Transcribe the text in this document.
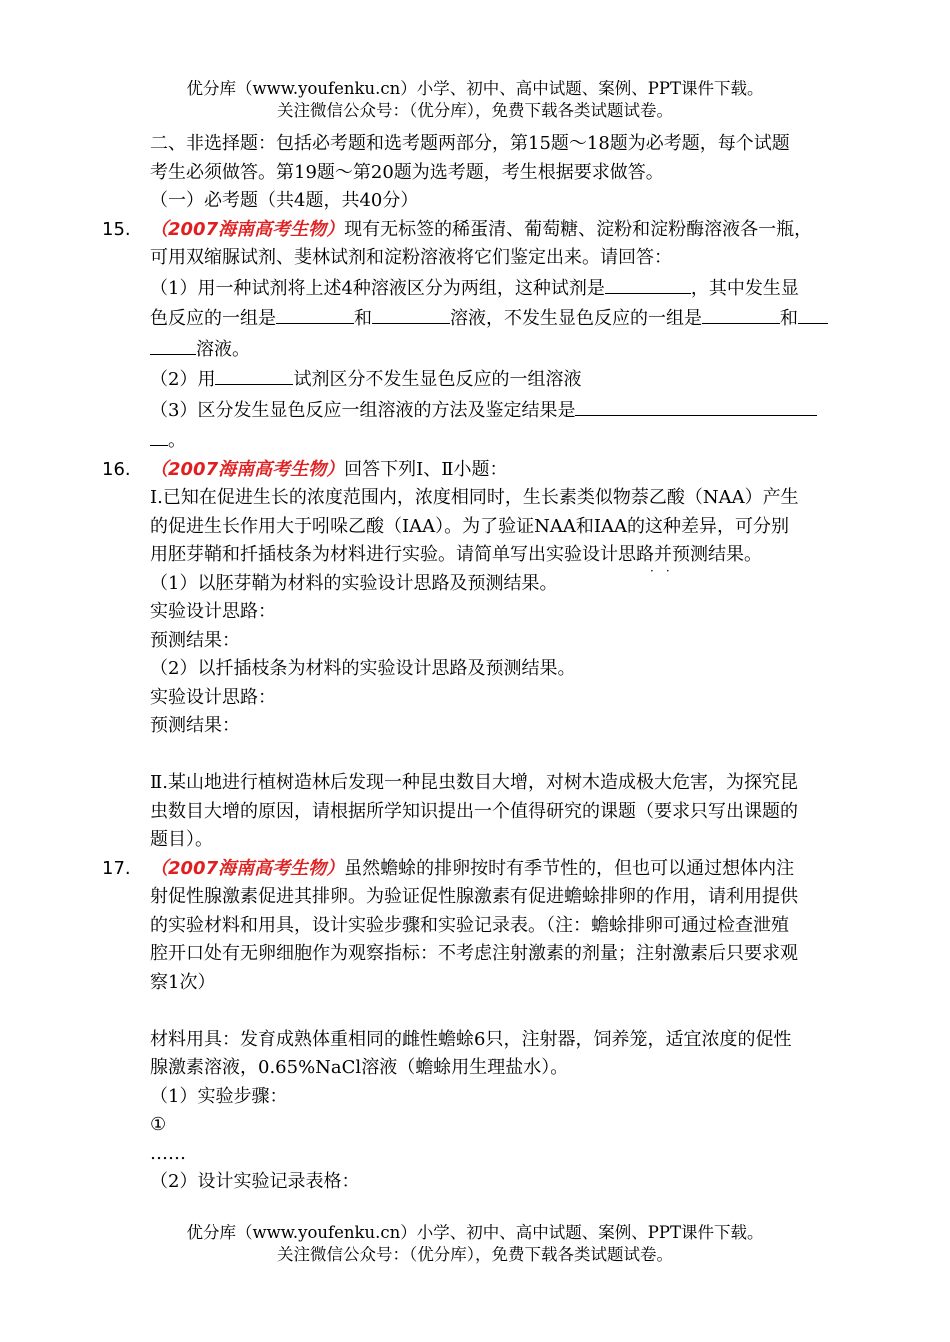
优分库（www.youfenku.cn）小学、初中、高中试题、案例、PPT课件下载。
关注微信公众号：（优分库），免费下载各类试题试卷。

二、非选择题：包括必考题和选考题两部分，第15题～18题为必考题，每个试题

考生必须做答。第19题～第20题为选考题，考生根据要求做答。

（一）必考题（共4题，共40分）

15. （2007海南高考生物）现有无标签的稀蛋清、葡萄糖、淀粉和淀粉酶溶液各一瓶，

可用双缩脲试剂、斐林试剂和淀粉溶液将它们鉴定出来。请回答：

（1）用一种试剂将上述4种溶液区分为两组，这种试剂是	，其中发生显

色反应的一组是	和	溶液，不发生显色反应的一组是	和

溶液。

（2）用	试剂区分不发生显色反应的一组溶液

（3）区分发生显色反应一组溶液的方法及鉴定结果是

。

16. （2007海南高考生物）回答下列Ⅰ、Ⅱ小题：

Ⅰ.已知在促进生长的浓度范围内，浓度相同时，生长素类似物萘乙酸（NAA）产生

的促进生长作用大于吲哚乙酸（IAA）。为了验证NAA和IAA的这种差异，可分别

用胚芽鞘和扦插枝条为材料进行实验。请简单写出实验设计思路并预测结果。
··

（1）以胚芽鞘为材料的实验设计思路及预测结果。

实验设计思路：

预测结果：

（2）以扦插枝条为材料的实验设计思路及预测结果。

实验设计思路：

预测结果：

Ⅱ.某山地进行植树造林后发现一种昆虫数目大增，对树木造成极大危害，为探究昆

虫数目大增的原因，请根据所学知识提出一个值得研究的课题（要求只写出课题的

题目）。

17. （2007海南高考生物）虽然蟾蜍的排卵按时有季节性的，但也可以通过想体内注

射促性腺激素促进其排卵。为验证促性腺激素有促进蟾蜍排卵的作用，请利用提供

的实验材料和用具，设计实验步骤和实验记录表。（注：蟾蜍排卵可通过检查泄殖

腔开口处有无卵细胞作为观察指标：不考虑注射激素的剂量；注射激素后只要求观

察1次）

材料用具：发育成熟体重相同的雌性蟾蜍6只，注射器，饲养笼，适宜浓度的促性

腺激素溶液，0.65%NaCl溶液（蟾蜍用生理盐水）。

（1）实验步骤：

①

……

（2）设计实验记录表格：

优分库（www.youfenku.cn）小学、初中、高中试题、案例、PPT课件下载。
关注微信公众号：（优分库），免费下载各类试题试卷。
